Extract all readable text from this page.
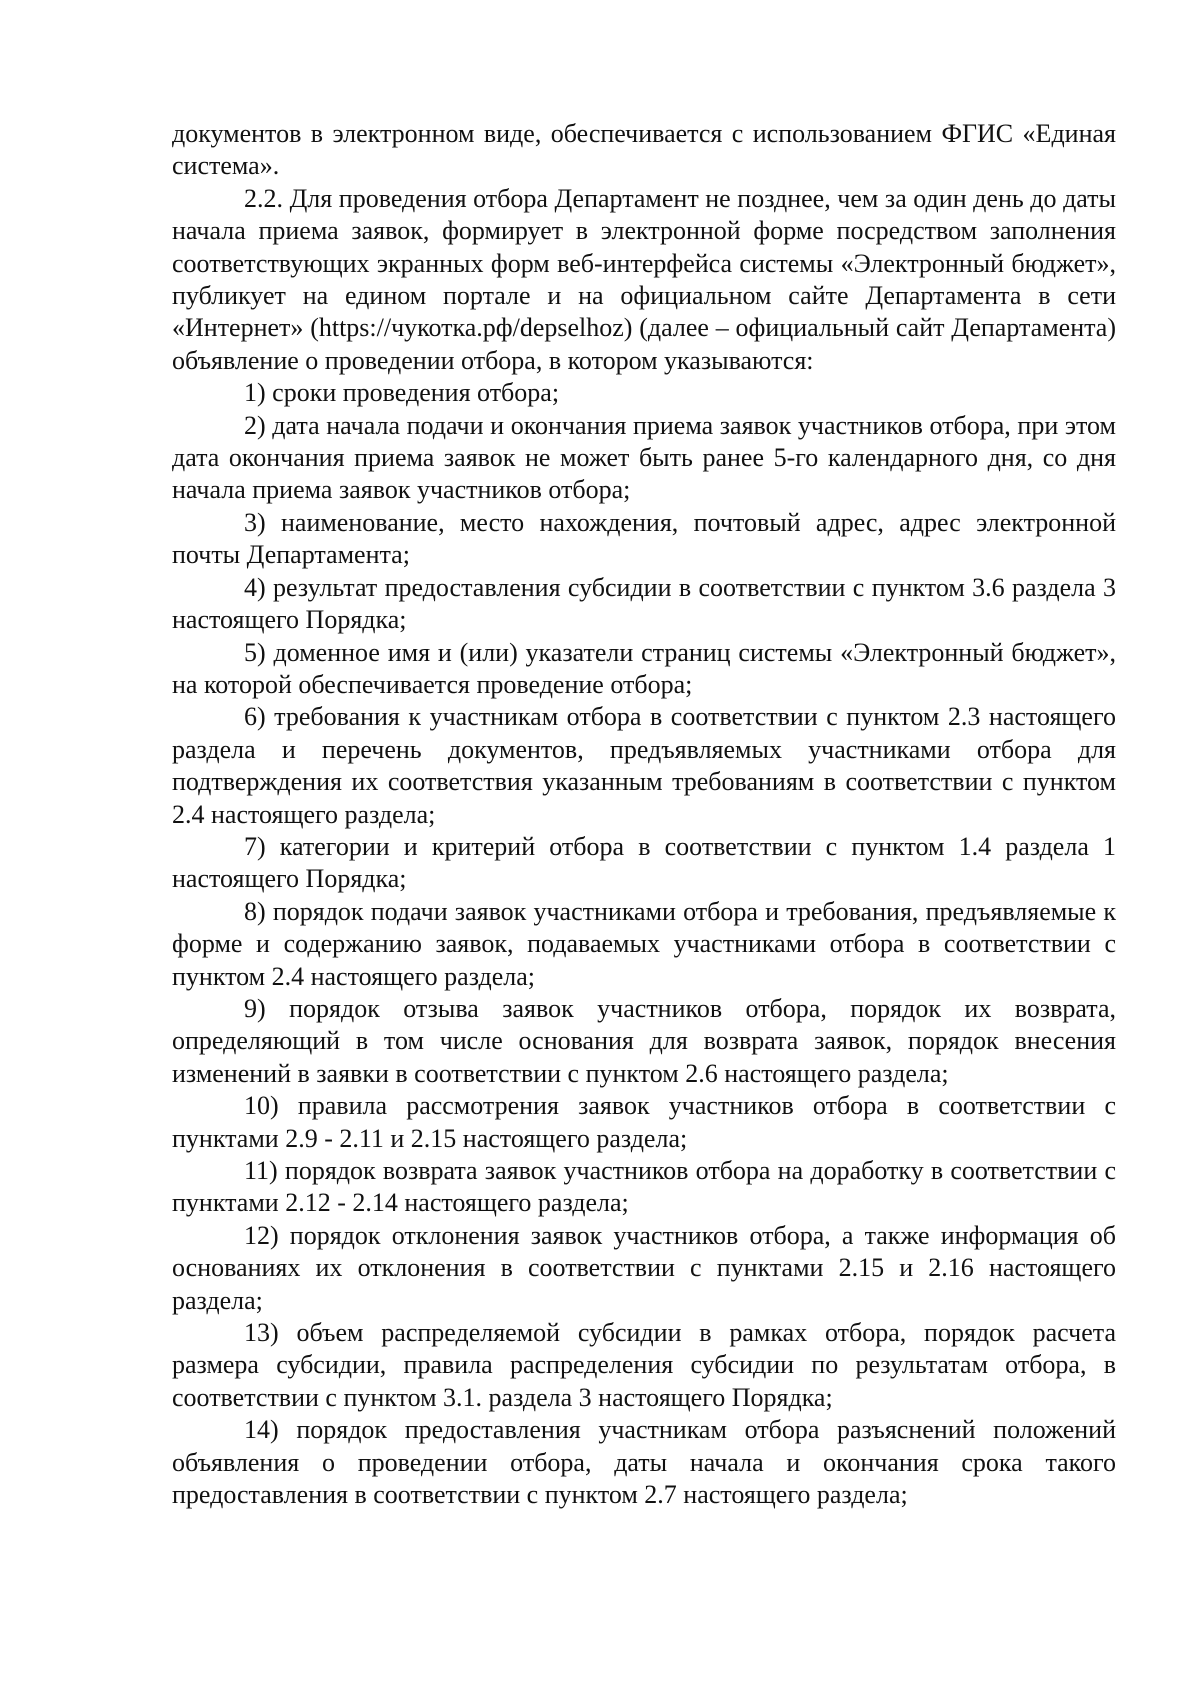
документов в электронном виде, обеспечивается с использованием ФГИС «Единая система».

2.2. Для проведения отбора Департамент не позднее, чем за один день до даты начала приема заявок, формирует в электронной форме посредством заполнения соответствующих экранных форм веб-интерфейса системы «Электронный бюджет», публикует на едином портале и на официальном сайте Департамента в сети «Интернет» (https://чукотка.рф/depselhoz) (далее – официальный сайт Департамента) объявление о проведении отбора, в котором указываются:

1) сроки проведения отбора;

2) дата начала подачи и окончания приема заявок участников отбора, при этом дата окончания приема заявок не может быть ранее 5-го календарного дня, со дня начала приема заявок участников отбора;

3) наименование, место нахождения, почтовый адрес, адрес электронной почты Департамента;

4) результат предоставления субсидии в соответствии с пунктом 3.6 раздела 3 настоящего Порядка;

5) доменное имя и (или) указатели страниц системы «Электронный бюджет», на которой обеспечивается проведение отбора;

6) требования к участникам отбора в соответствии с пунктом 2.3 настоящего раздела и перечень документов, предъявляемых участниками отбора для подтверждения их соответствия указанным требованиям в соответствии с пунктом 2.4 настоящего раздела;

7) категории и критерий отбора в соответствии с пунктом 1.4 раздела 1 настоящего Порядка;

8) порядок подачи заявок участниками отбора и требования, предъявляемые к форме и содержанию заявок, подаваемых участниками отбора в соответствии с пунктом 2.4 настоящего раздела;

9) порядок отзыва заявок участников отбора, порядок их возврата, определяющий в том числе основания для возврата заявок, порядок внесения изменений в заявки в соответствии с пунктом 2.6 настоящего раздела;

10) правила рассмотрения заявок участников отбора в соответствии с пунктами 2.9 - 2.11 и 2.15 настоящего раздела;

11) порядок возврата заявок участников отбора на доработку в соответствии с пунктами 2.12 - 2.14 настоящего раздела;

12) порядок отклонения заявок участников отбора, а также информация об основаниях их отклонения в соответствии с пунктами 2.15 и 2.16 настоящего раздела;

13) объем распределяемой субсидии в рамках отбора, порядок расчета размера субсидии, правила распределения субсидии по результатам отбора, в соответствии с пунктом 3.1. раздела 3 настоящего Порядка;

14) порядок предоставления участникам отбора разъяснений положений объявления о проведении отбора, даты начала и окончания срока такого предоставления в соответствии с пунктом 2.7 настоящего раздела;
